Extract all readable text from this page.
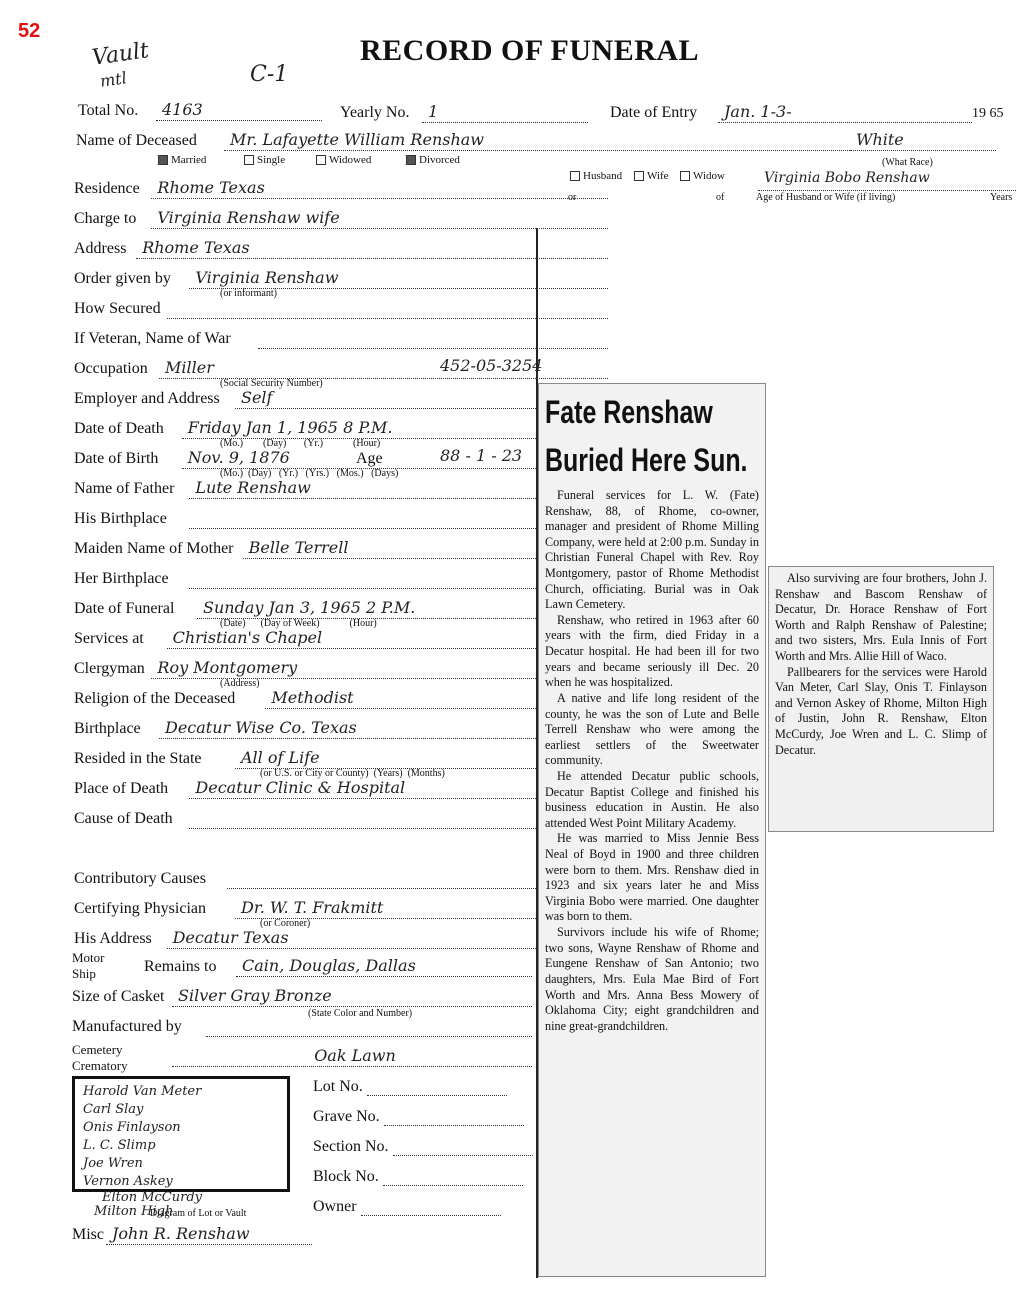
52
RECORD OF FUNERAL
Vault
mtl	C-1
Total No.	4163	Yearly No.	1	Date of Entry	Jan. 1-3-	19 65
Name of Deceased	Mr. Lafayette William Renshaw	White
(What Race)
Married	Single	Widowed	Divorced
Husband	Wife	Widow	Virginia Bobo Renshaw
or	of	Age of Husband or Wife (if living)	Years
Residence	Rhome Texas
Charge to	Virginia Renshaw wife
Address Rhome Texas
Order given by	Virginia Renshaw
(or informant)
How Secured
If Veteran, Name of War
Occupation	Miller	452-05-3254
(Social Security Number)
Employer and Address	Self
Date of Death	Friday Jan 1, 1965 8 P.M.
(Mo.)        (Day)       (Yr.)            (Hour)
Date of Birth	Nov. 9, 1876	88 - 1 - 23
Age
(Mo.)  (Day)   (Yr.)   (Yrs.)   (Mos.)   (Days)
Name of Father	Lute Renshaw
His Birthplace
Maiden Name of Mother Belle Terrell
Her Birthplace
Date of Funeral	Sunday Jan 3, 1965 2 P.M.
(Date)      (Day of Week)            (Hour)
Services at	Christian's Chapel
Clergyman Roy Montgomery
(Address)
Religion of the Deceased	Methodist
Birthplace	Decatur Wise Co. Texas
Resided in the State	All of Life
(or U.S. or City or County)  (Years)  (Months)
Place of Death	Decatur Clinic & Hospital
Cause of Death
Contributory Causes
Certifying Physician	Dr. W. T. Frakmitt
(or Coroner)
His Address	Decatur Texas
Motor
Ship	Remains to	Cain, Douglas, Dallas
Size of Casket Silver Gray Bronze
(State Color and Number)
Manufactured by
Cemetery
Crematory
Oak Lawn
Harold Van Meter
Carl Slay
Onis Finlayson
L. C. Slimp
Joe Wren
Vernon Askey
Elton McCurdy
Milton High
Diagram of Lot or Vault
Misc John R. Renshaw
Lot No.
Grave No.
Section No.
Block No.
Owner
Fate Renshaw
Buried Here Sun.

Funeral services for L. W. (Fate) Renshaw, 88, of Rhome, co-owner, manager and president of Rhome Milling Company, were held at 2:00 p.m. Sunday in Christian Funeral Chapel with Rev. Roy Montgomery, pastor of Rhome Methodist Church, officiating. Burial was in Oak Lawn Cemetery.

Renshaw, who retired in 1963 after 60 years with the firm, died Friday in a Decatur hospital. He had been ill for two years and became seriously ill Dec. 20 when he was hospitalized.

A native and life long resident of the county, he was the son of Lute and Belle Terrell Renshaw who were among the earliest settlers of the Sweetwater community.

He attended Decatur public schools, Decatur Baptist College and finished his business education in Austin. He also attended West Point Military Academy.

He was married to Miss Jennie Bess Neal of Boyd in 1900 and three children were born to them. Mrs. Renshaw died in 1923 and six years later he and Miss Virginia Bobo were married. One daughter was born to them.

Survivors include his wife of Rhome; two sons, Wayne Renshaw of Rhome and Eungene Renshaw of San Antonio; two daughters, Mrs. Eula Mae Bird of Fort Worth and Mrs. Anna Bess Mowery of Oklahoma City; eight grandchildren and nine great-grandchildren.

Also surviving are four brothers, John J. Renshaw and Bascom Renshaw of Decatur, Dr. Horace Renshaw of Fort Worth and Ralph Renshaw of Palestine; and two sisters, Mrs. Eula Innis of Fort Worth and Mrs. Allie Hill of Waco.

Pallbearers for the services were Harold Van Meter, Carl Slay, Onis T. Finlayson and Vernon Askey of Rhome, Milton High of Justin, John R. Renshaw, Elton McCurdy, Joe Wren and L. C. Slimp of Decatur.
